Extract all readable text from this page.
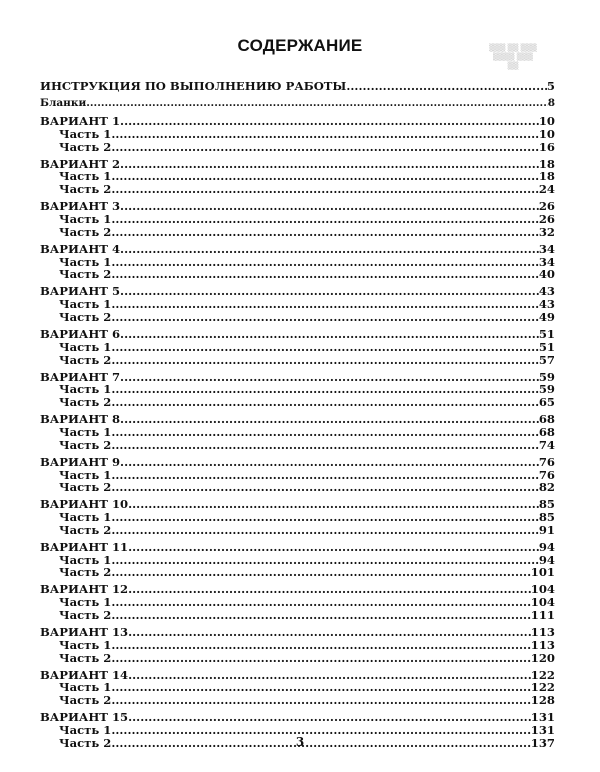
СОДЕРЖАНИЕ	▒▒▒ ▒▒ ▒▒▒
▒▒▒▒ ▒▒▒
▒▒
ИНСТРУКЦИЯ ПО ВЫПОЛНЕНИЮ РАБОТЫ .....	5
Бланки .....	8
ВАРИАНТ 1 .....	10
Часть 1 .....	10
Часть 2 .....	16
ВАРИАНТ 2 .....	18
Часть 1 .....	18
Часть 2 .....	24
ВАРИАНТ 3 .....	26
Часть 1 .....	26
Часть 2 .....	32
ВАРИАНТ 4 .....	34
Часть 1 .....	34
Часть 2 .....	40
ВАРИАНТ 5 .....	43
Часть 1 .....	43
Часть 2 .....	49
ВАРИАНТ 6 .....	51
Часть 1 .....	51
Часть 2 .....	57
ВАРИАНТ 7 .....	59
Часть 1 .....	59
Часть 2 .....	65
ВАРИАНТ 8 .....	68
Часть 1 .....	68
Часть 2 .....	74
ВАРИАНТ 9 .....	76
Часть 1 .....	76
Часть 2 .....	82
ВАРИАНТ 10 .....	85
Часть 1 .....	85
Часть 2 .....	91
ВАРИАНТ 11 .....	94
Часть 1 .....	94
Часть 2 .....	101
ВАРИАНТ 12 .....	104
Часть 1 .....	104
Часть 2 .....	111
ВАРИАНТ 13 .....	113
Часть 1 .....	113
Часть 2 .....	120
ВАРИАНТ 14 .....	122
Часть 1 .....	122
Часть 2 .....	128
ВАРИАНТ 15 .....	131
Часть 1 .....	131
Часть 2 .....	137
3
